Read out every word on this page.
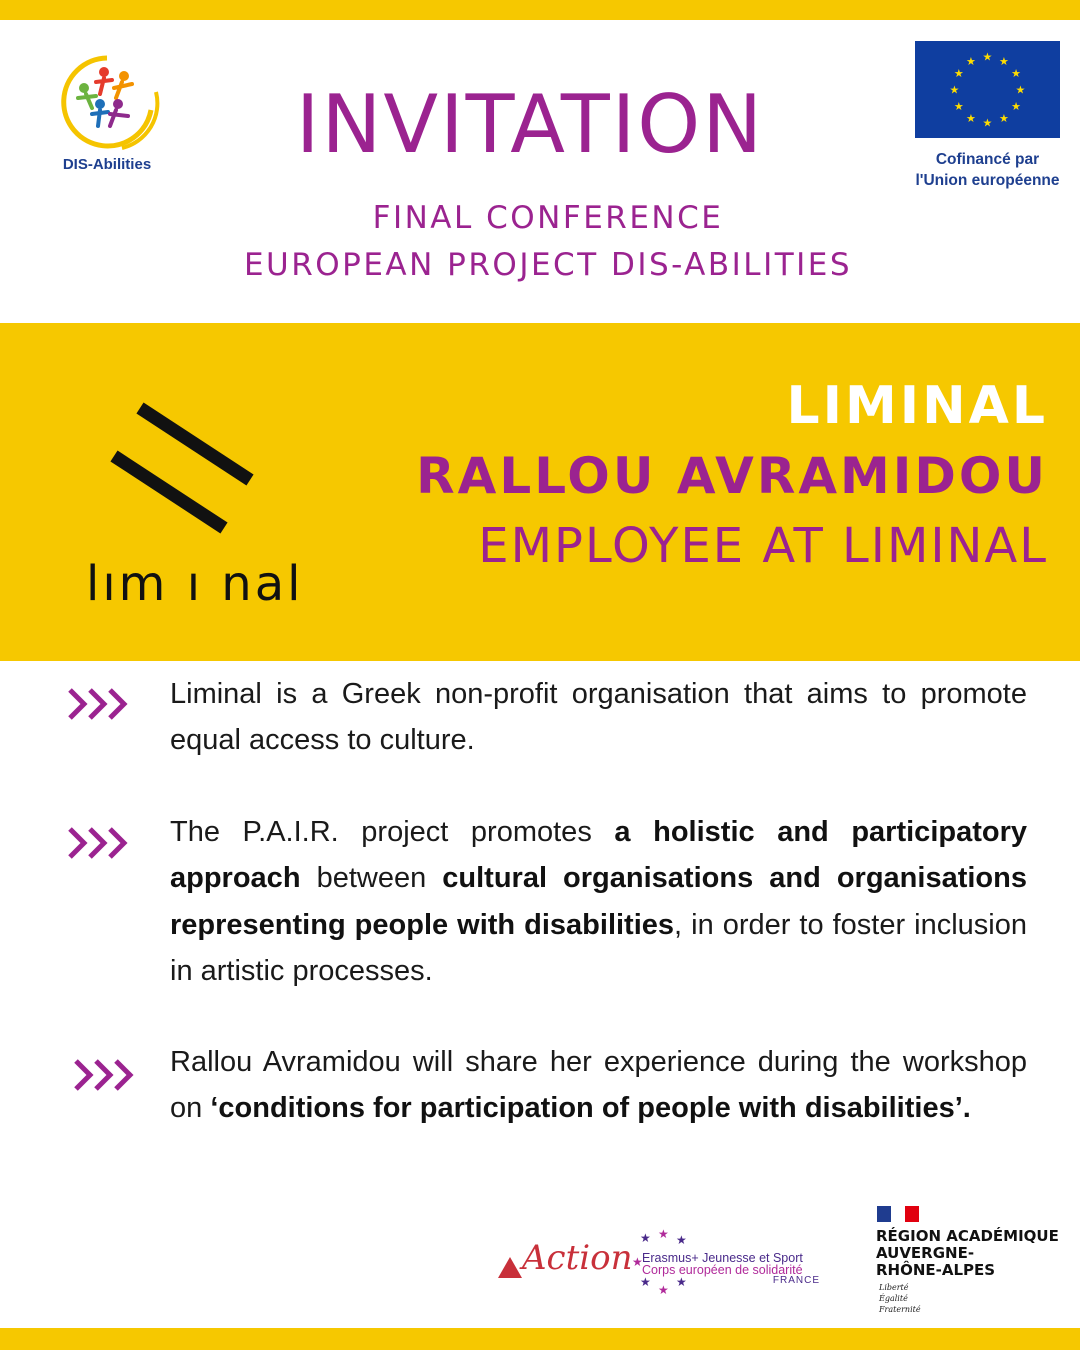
DIS-Abilities	INVITATION
FINAL CONFERENCE
EUROPEAN PROJECT DIS-ABILITIES
★ ★
★
★
★
★
★
★
★
★
★
★
Cofinancé par
l'Union européenne
lım ı nal
LIMINAL
RALLOU AVRAMIDOU
EMPLOYEE AT LIMINAL
Liminal is a Greek non-profit organisation that aims to promote equal access to culture.
The P.A.I.R. project promotes a holistic and participatory approach between cultural organisations and organisations representing people with disabilities, in order to foster inclusion in artistic processes.
Rallou Avramidou will share her experience during the workshop on ‘conditions for participation of people with disabilities’.
Action ★ ★ ★
★
★
★
★
Erasmus+ Jeunesse et Sport
Corps européen de solidarité
FRANCE
RÉGION ACADÉMIQUE
AUVERGNE-
RHÔNE-ALPES
Liberté
Égalité
Fraternité
